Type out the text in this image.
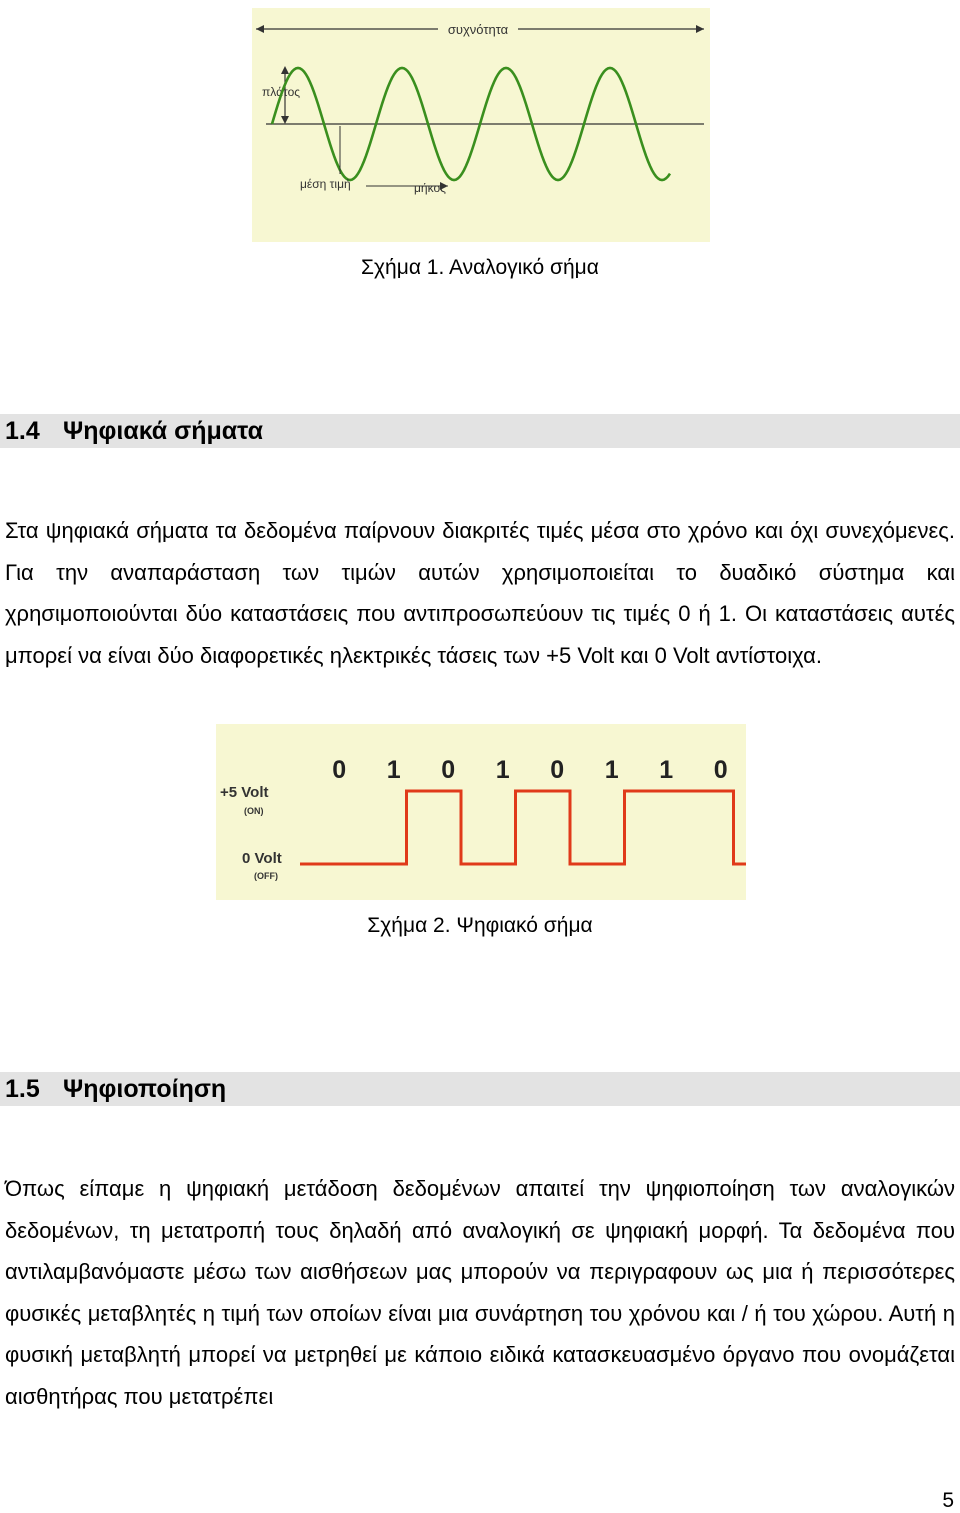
συχνότητα
πλάτος
μέση τιμή	μήκος
Σχήμα 1. Αναλογικό σήμα
1.4 Ψηφιακά σήματα

Στα ψηφιακά σήματα τα δεδομένα παίρνουν διακριτές τιμές μέσα στο χρόνο και όχι συνεχόμενες. Για την αναπαράσταση των τιμών αυτών χρησιμοποιείται το δυαδικό σύστημα και χρησιμοποιούνται δύο καταστάσεις που αντιπροσωπεύουν τις τιμές 0 ή 1. Οι καταστάσεις αυτές μπορεί να είναι δύο διαφορετικές ηλεκτρικές τάσεις των +5 Volt και 0 Volt αντίστοιχα.

0 1 0 1 0 1 1 0
+5 Volt
(ON)
0 Volt
(OFF)
Σχήμα 2. Ψηφιακό σήμα
1.5 Ψηφιοποίηση

Όπως είπαμε η ψηφιακή μετάδοση δεδομένων απαιτεί την ψηφιοποίηση των αναλογικών δεδομένων, τη μετατροπή τους δηλαδή από αναλογική σε ψηφιακή μορφή. Τα δεδομένα που αντιλαμβανόμαστε μέσω των αισθήσεων μας μπορούν να περιγραφουν ως μια ή περισσότερες φυσικές μεταβλητές η τιμή των οποίων είναι μια συνάρτηση του χρόνου και / ή του χώρου. Αυτή η φυσική μεταβλητή μπορεί να μετρηθεί με κάποιο ειδικά κατασκευασμένο όργανο που ονομάζεται αισθητήρας που μετατρέπει

5
